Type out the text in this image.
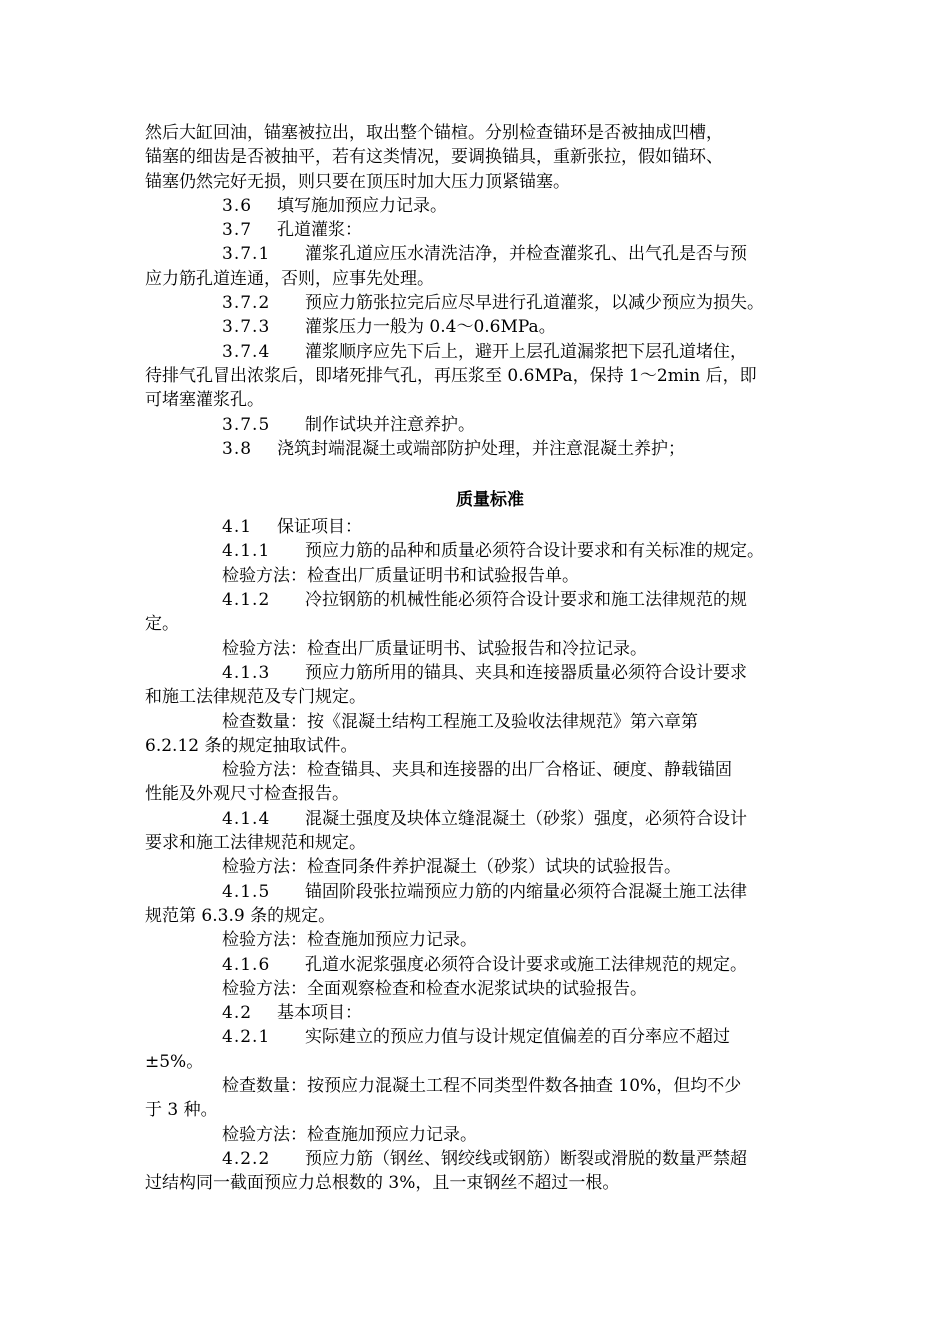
然后大缸回油，锚塞被拉出，取出整个锚楦。分别检查锚环是否被抽成凹槽，
锚塞的细齿是否被抽平，若有这类情况，要调换锚具，重新张拉，假如锚环、
锚塞仍然完好无损，则只要在顶压时加大压力顶紧锚塞。
3.6 填写施加预应力记录。
3.7 孔道灌浆：
3.7.1 灌浆孔道应压水清洗洁净，并检查灌浆孔、出气孔是否与预
应力筋孔道连通，否则，应事先处理。
3.7.2 预应力筋张拉完后应尽早进行孔道灌浆，以减少预应为损失。
3.7.3 灌浆压力一般为 0.4～0.6MPa。
3.7.4 灌浆顺序应先下后上，避开上层孔道漏浆把下层孔道堵住，
待排气孔冒出浓浆后，即堵死排气孔，再压浆至 0.6MPa，保持 1～2min 后，即
可堵塞灌浆孔。
3.7.5 制作试块并注意养护。
3.8 浇筑封端混凝土或端部防护处理，并注意混凝土养护；
质量标准
4.1 保证项目：
4.1.1 预应力筋的品种和质量必须符合设计要求和有关标准的规定。
检验方法：检查出厂质量证明书和试验报告单。
4.1.2 冷拉钢筋的机械性能必须符合设计要求和施工法律规范的规
定。
检验方法：检查出厂质量证明书、试验报告和冷拉记录。
4.1.3 预应力筋所用的锚具、夹具和连接器质量必须符合设计要求
和施工法律规范及专门规定。
检查数量：按《混凝土结构工程施工及验收法律规范》第六章第
6.2.12 条的规定抽取试件。
检验方法：检查锚具、夹具和连接器的出厂合格证、硬度、静载锚固
性能及外观尺寸检查报告。
4.1.4 混凝土强度及块体立缝混凝土（砂浆）强度，必须符合设计
要求和施工法律规范和规定。
检验方法：检查同条件养护混凝土（砂浆）试块的试验报告。
4.1.5 锚固阶段张拉端预应力筋的内缩量必须符合混凝土施工法律
规范第 6.3.9 条的规定。
检验方法：检查施加预应力记录。
4.1.6 孔道水泥浆强度必须符合设计要求或施工法律规范的规定。
检验方法：全面观察检查和检查水泥浆试块的试验报告。
4.2 基本项目：
4.2.1 实际建立的预应力值与设计规定值偏差的百分率应不超过
±5%。
检查数量：按预应力混凝土工程不同类型件数各抽查 10%，但均不少
于 3 种。
检验方法：检查施加预应力记录。
4.2.2 预应力筋（钢丝、钢绞线或钢筋）断裂或滑脱的数量严禁超
过结构同一截面预应力总根数的 3%，且一束钢丝不超过一根。
